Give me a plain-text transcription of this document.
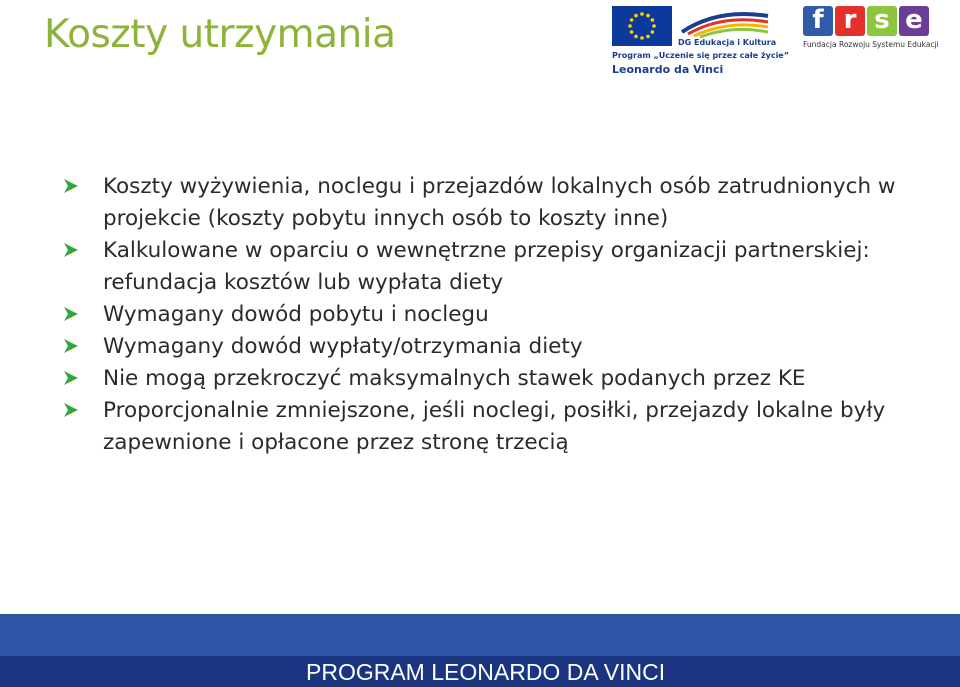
Koszty utrzymania	DG Edukacja i Kultura
Program „Uczenie się przez całe życie”
Leonardo da Vinci
f r s e
Fundacja Rozwoju Systemu Edukacji
Koszty wyżywienia, noclegu i przejazdów lokalnych osób zatrudnionych w projekcie (koszty pobytu innych osób to koszty inne)
Kalkulowane w oparciu o wewnętrzne przepisy organizacji partnerskiej: refundacja kosztów lub wypłata diety
Wymagany dowód pobytu i noclegu
Wymagany dowód wypłaty/otrzymania diety
Nie mogą przekroczyć maksymalnych stawek podanych przez KE
Proporcjonalnie zmniejszone, jeśli noclegi, posiłki, przejazdy lokalne były zapewnione i opłacone przez stronę trzecią
PROGRAM LEONARDO DA VINCI
